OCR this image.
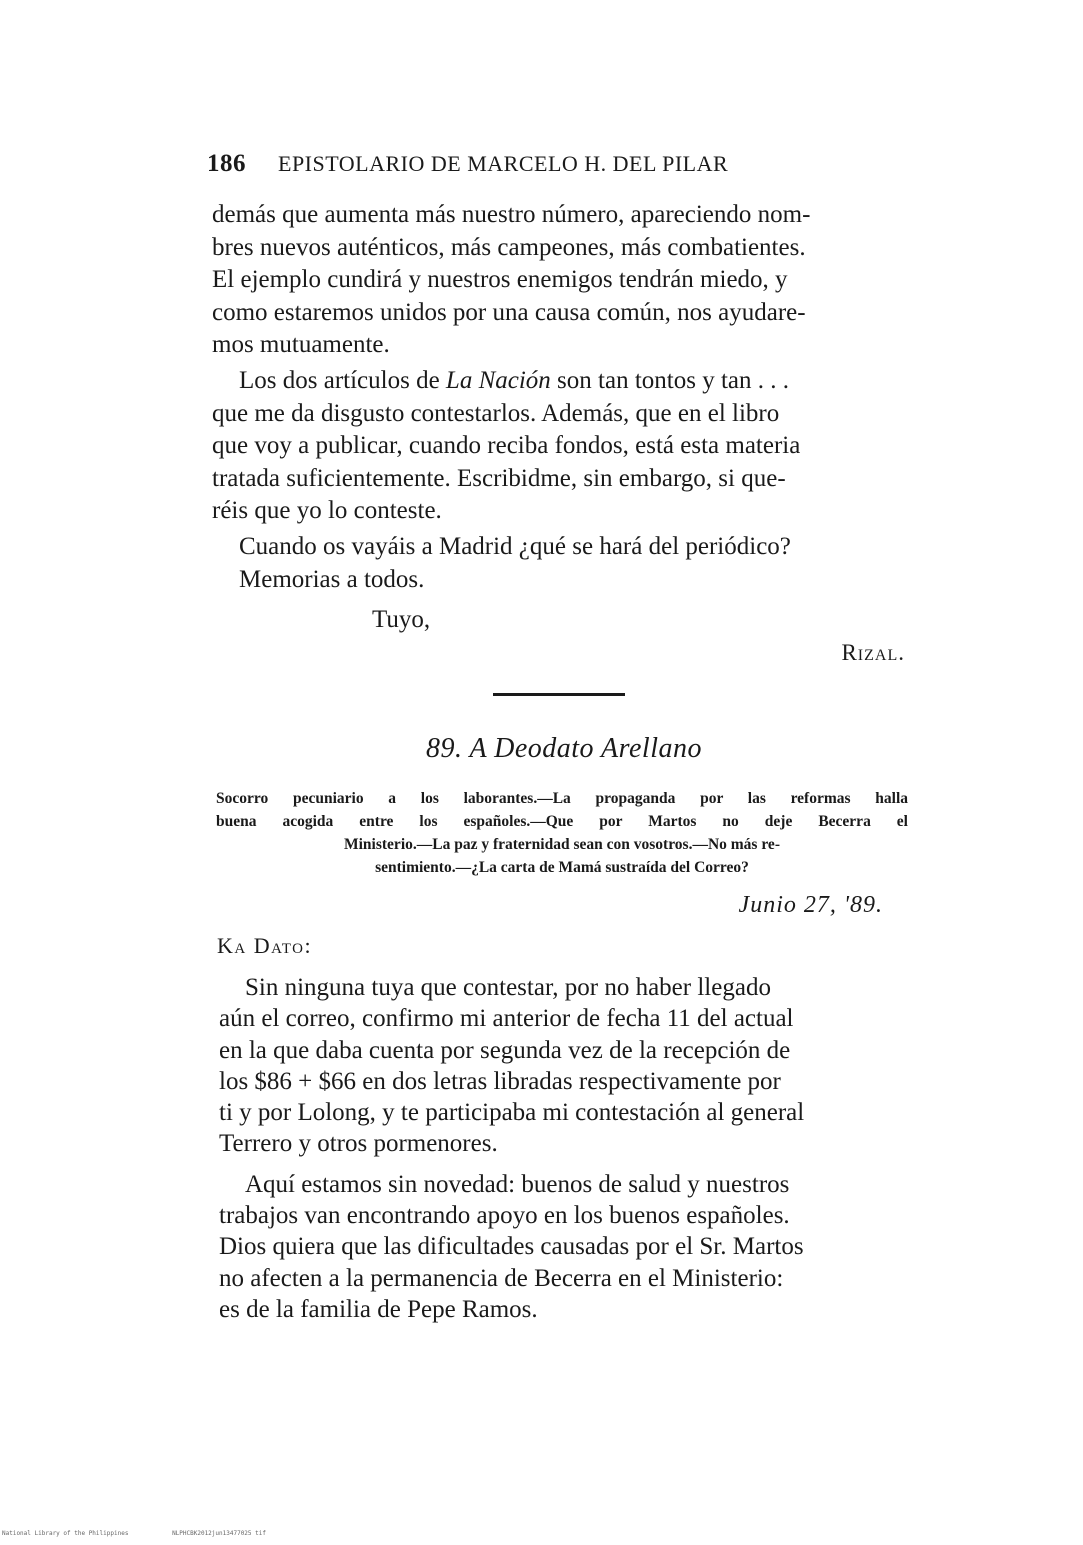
186 EPISTOLARIO DE MARCELO H. DEL PILAR

demás que aumenta más nuestro número, apareciendo nom-
bres nuevos auténticos, más campeones, más combatientes.
El ejemplo cundirá y nuestros enemigos tendrán miedo, y
como estaremos unidos por una causa común, nos ayudare-
mos mutuamente.

Los dos artículos de La Nación son tan tontos y tan . . .
que me da disgusto contestarlos. Además, que en el libro
que voy a publicar, cuando reciba fondos, está esta materia
tratada suficientemente. Escribidme, sin embargo, si que-
réis que yo lo conteste.

Cuando os vayáis a Madrid ¿qué se hará del periódico?
Memorias a todos.

Tuyo,
Rizal.
89. A Deodato Arellano
Socorro pecuniario a los laborantes.—La propaganda por las reformas halla
buena acogida entre los españoles.—Que por Martos no deje Becerra el
Ministerio.—La paz y fraternidad sean con vosotros.—No más re-
sentimiento.—¿La carta de Mamá sustraída del Correo?
Junio 27, '89.
Ka Dato:

Sin ninguna tuya que contestar, por no haber llegado
aún el correo, confirmo mi anterior de fecha 11 del actual
en la que daba cuenta por segunda vez de la recepción de
los $86 + $66 en dos letras libradas respectivamente por
ti y por Lolong, y te participaba mi contestación al general
Terrero y otros pormenores.

Aquí estamos sin novedad: buenos de salud y nuestros
trabajos van encontrando apoyo en los buenos españoles.
Dios quiera que las dificultades causadas por el Sr. Martos
no afecten a la permanencia de Becerra en el Ministerio:
es de la familia de Pepe Ramos.

National Library of the Philippines	NLPHCBK2012jun13477025 tif
